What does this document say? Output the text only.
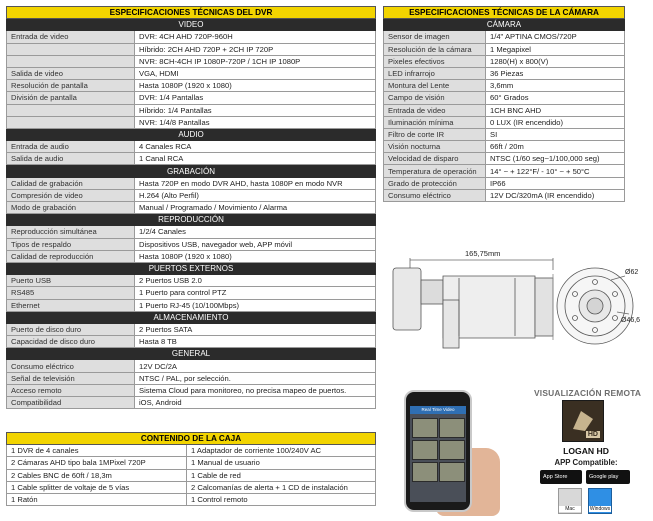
ESPECIFICACIONES TÉCNICAS DEL DVR	
VIDEO	
Entrada de video	DVR: 4CH AHD 720P-960H
	Híbrido: 2CH AHD 720P + 2CH IP 720P
	NVR: 8CH-4CH IP 1080P-720P / 1CH IP 1080P
Salida de video	VGA, HDMI
Resolución de pantalla	Hasta 1080P (1920 x 1080)
División de pantalla	DVR: 1/4 Pantallas
	Híbrido: 1/4 Pantallas
	NVR: 1/4/8 Pantallas
AUDIO	
Entrada de audio	4 Canales RCA
Salida de audio	1 Canal RCA
GRABACIÓN	
Calidad de grabación	Hasta 720P en modo DVR AHD, hasta 1080P en modo NVR
Compresión de video	H.264 (Alto Perfil)
Modo de grabación	Manual / Programado / Movimiento / Alarma
REPRODUCCIÓN	
Reproducción simultánea	1/2/4 Canales
Tipos de respaldo	Dispositivos USB, navegador web, APP móvil
Calidad de reproducción	Hasta 1080P (1920 x 1080)
PUERTOS EXTERNOS	
Puerto USB	2 Puertos USB 2.0
RS485	1 Puerto para control PTZ
Ethernet	1 Puerto RJ-45 (10/100Mbps)
ALMACENAMIENTO	
Puerto de disco duro	2 Puertos SATA
Capacidad de disco duro	Hasta 8 TB
GENERAL	
Consumo eléctrico	12V DC/2A
Señal de televisión	NTSC / PAL, por selección.
Acceso remoto	Sistema Cloud para monitoreo, no precisa mapeo de puertos.
Compatibilidad	iOS, Android
ESPECIFICACIONES TÉCNICAS DE LA CÁMARA	
CÁMARA	
Sensor de imagen	1/4" APTINA CMOS/720P
Resolución de la cámara	1 Megapixel
Pixeles efectivos	1280(H) x 800(V)
LED infrarrojo	36 Piezas
Montura del Lente	3,6mm
Campo de visión	60° Grados
Entrada de video	1CH BNC AHD
Iluminación mínima	0 LUX (IR encendido)
Filtro de corte IR	SI
Visión nocturna	66ft / 20m
Velocidad de disparo	NTSC (1/60 seg~1/100,000 seg)
Temperatura de operación	14° ~ + 122°F/ - 10° ~ + 50°C
Grado de protección	IP66
Consumo eléctrico	12V DC/320mA (IR encendido)
CONTENIDO DE LA CAJA	
1 DVR de 4 canales	1 Adaptador de corriente 100/240V AC
2 Cámaras AHD tipo bala 1MPixel 720P	1 Manual de usuario
2 Cables BNC de 60ft / 18,3m	1 Cable de red
1 Cable splitter de voltaje de 5 vías	2 Calcomanías de alerta + 1 CD de instalación
1 Ratón	1 Control remoto
165,75mm
Ø62
Ø46,6
Real Time Video
VISUALIZACIÓN REMOTA
HD
LOGAN HD
APP Compatible:
App Store	Google play
Mac	Windows
